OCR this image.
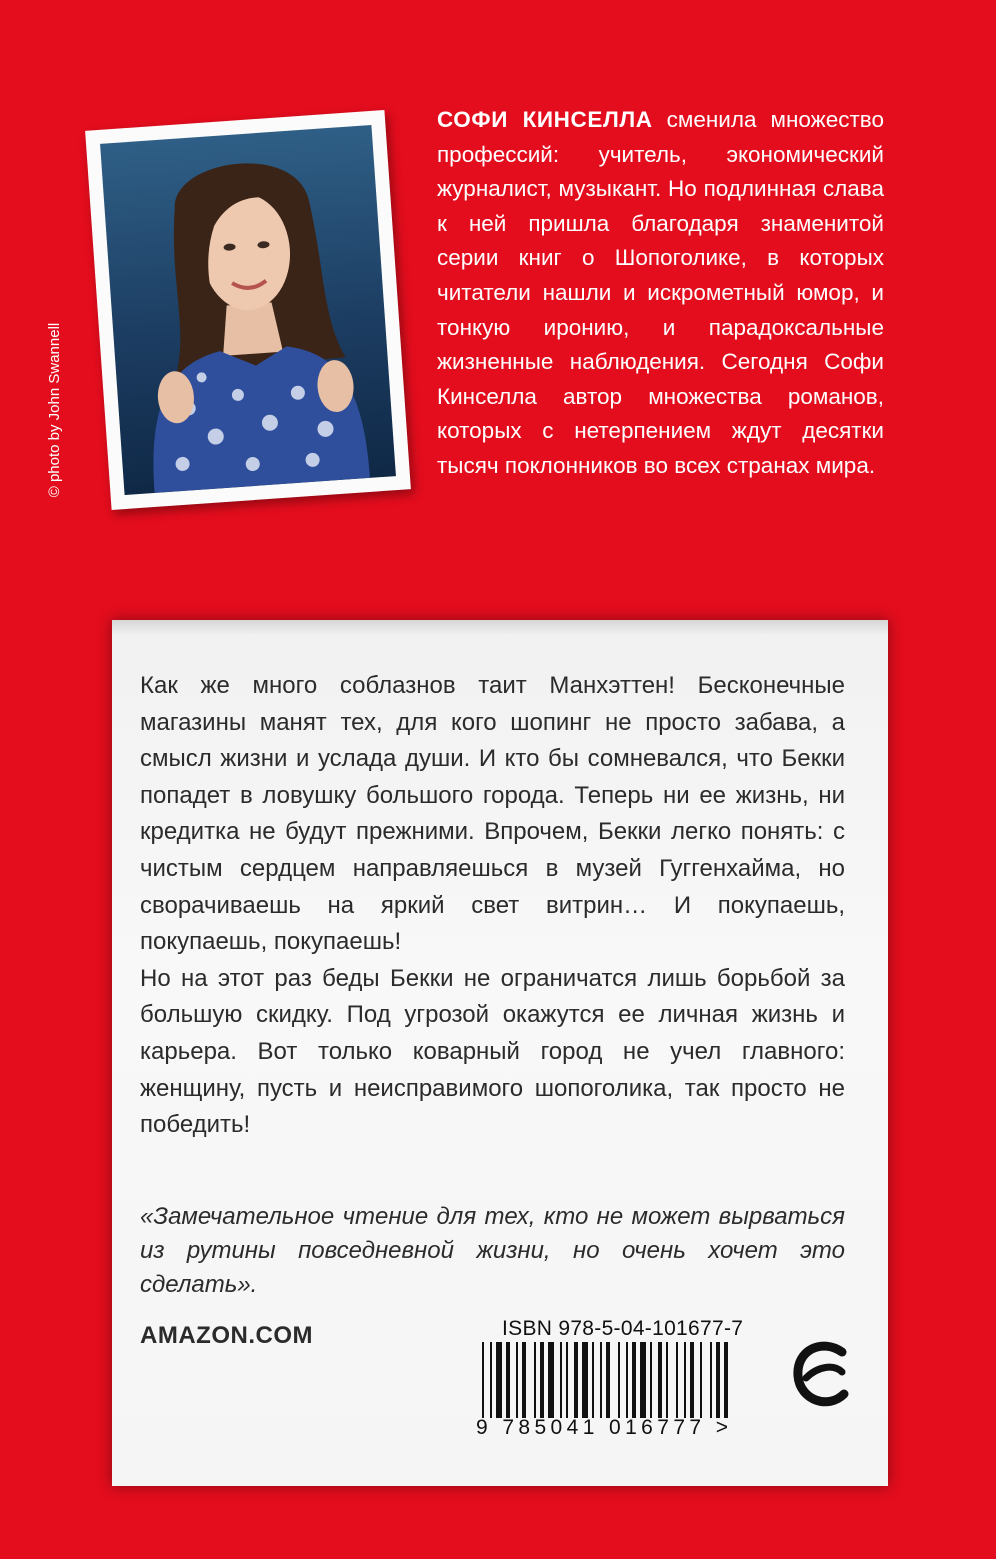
© photo by John Swannell
СОФИ КИНСЕЛЛА сменила множество профессий: учитель, экономический журналист, музыкант. Но подлинная слава к ней пришла благодаря знаменитой серии книг о Шопоголике, в которых читатели нашли и искрометный юмор, и тонкую иронию, и парадоксальные жизненные наблюдения. Сегодня Софи Кинселла автор множества романов, которых с нетерпением ждут десятки тысяч поклонников во всех странах мира.

Как же много соблазнов таит Манхэттен! Бесконечные магазины манят тех, для кого шопинг не просто забава, а смысл жизни и услада души. И кто бы сомневался, что Бекки попадет в ловушку большого города. Теперь ни ее жизнь, ни кредитка не будут прежними. Впрочем, Бекки легко понять: с чистым сердцем направляешься в музей Гуггенхайма, но сворачиваешь на яркий свет витрин… И покупаешь, покупаешь, покупаешь!

Но на этот раз беды Бекки не ограничатся лишь борьбой за большую скидку. Под угрозой окажутся ее личная жизнь и карьера. Вот только коварный город не учел главного: женщину, пусть и неисправимого шопоголика, так просто не победить!

«Замечательное чтение для тех, кто не может вырваться из рутины повседневной жизни, но очень хочет это сделать».

AMAZON.COM	ISBN 978-5-04-101677-7
9 785041 016777 >
